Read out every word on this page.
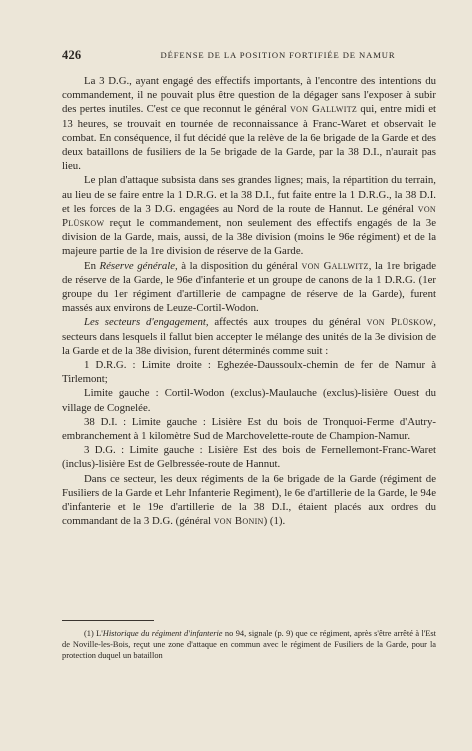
426	DÉFENSE DE LA POSITION FORTIFIÉE DE NAMUR

La 3 D.G., ayant engagé des effectifs importants, à l'encontre des intentions du commandement, il ne pouvait plus être question de la dégager sans l'exposer à subir des pertes inutiles. C'est ce que reconnut le général von Gallwitz qui, entre midi et 13 heures, se trouvait en tournée de reconnaissance à Franc-Waret et observait le combat. En conséquence, il fut décidé que la relève de la 6e brigade de la Garde et des deux bataillons de fusiliers de la 5e brigade de la Garde, par la 38 D.I., n'aurait pas lieu.

Le plan d'attaque subsista dans ses grandes lignes; mais, la répartition du terrain, au lieu de se faire entre la 1 D.R.G. et la 38 D.I., fut faite entre la 1 D.R.G., la 38 D.I. et les forces de la 3 D.G. engagées au Nord de la route de Hannut. Le général von Plüskow reçut le commandement, non seulement des effectifs engagés de la 3e division de la Garde, mais, aussi, de la 38e division (moins le 96e régiment) et de la majeure partie de la 1re division de réserve de la Garde.

En Réserve générale, à la disposition du général von Gallwitz, la 1re brigade de réserve de la Garde, le 96e d'infanterie et un groupe de canons de la 1 D.R.G. (1er groupe du 1er régiment d'artillerie de campagne de réserve de la Garde), furent massés aux environs de Leuze-Cortil-Wodon.

Les secteurs d'engagement, affectés aux troupes du général von Plüskow, secteurs dans lesquels il fallut bien accepter le mélange des unités de la 3e division de la Garde et de la 38e division, furent déterminés comme suit :

1 D.R.G. : Limite droite : Eghezée-Daussoulx-chemin de fer de Namur à Tirlemont;

Limite gauche : Cortil-Wodon (exclus)-Maulauche (exclus)-lisière Ouest du village de Cognelée.

38 D.I. : Limite gauche : Lisière Est du bois de Tronquoi-Ferme d'Autry-embranchement à 1 kilomètre Sud de Marchovelette-route de Champion-Namur.

3 D.G. : Limite gauche : Lisière Est des bois de Fernellemont-Franc-Waret (inclus)-lisière Est de Gelbressée-route de Hannut.

Dans ce secteur, les deux régiments de la 6e brigade de la Garde (régiment de Fusiliers de la Garde et Lehr Infanterie Regiment), le 6e d'artillerie de la Garde, le 94e d'infanterie et le 19e d'artillerie de la 38 D.I., étaient placés aux ordres du commandant de la 3 D.G. (général von Bonin) (1).

(1) L'Historique du régiment d'infanterie no 94, signale (p. 9) que ce régiment, après s'être arrêté à l'Est de Noville-les-Bois, reçut une zone d'attaque en commun avec le régiment de Fusiliers de la Garde, pour la protection duquel un bataillon
